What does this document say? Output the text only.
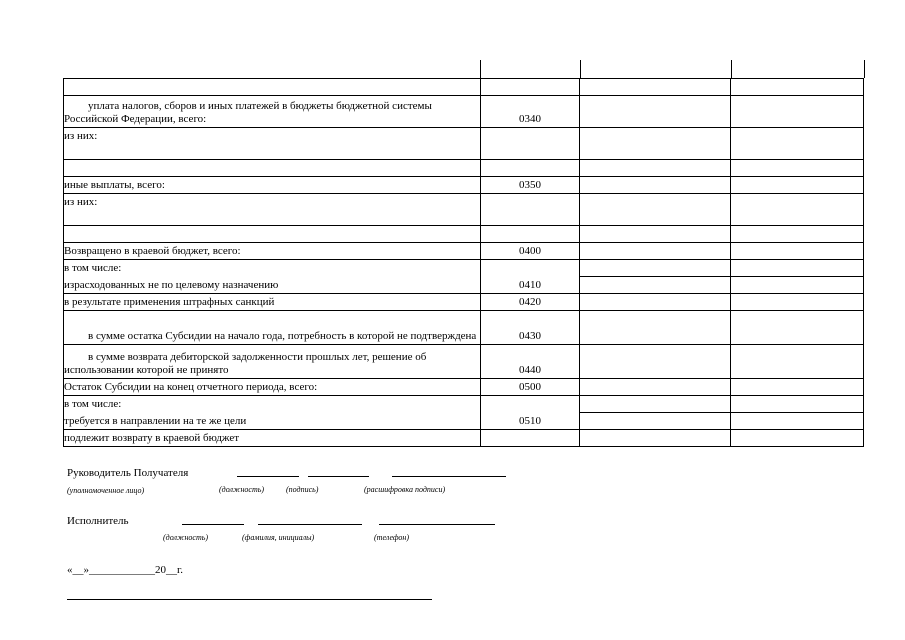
уплата налогов, сборов и иных платежей в бюджеты бюджетной системы Российской Федерации, всего:	0340		
из них:			

иные выплаты, всего:	0350		
из них:			

Возвращено в краевой бюджет, всего:	0400		
в том числе:			
израсходованных не по целевому назначению	0410		
в результате применения штрафных санкций	0420		
в сумме остатка Субсидии на начало года, потребность в которой не подтверждена	0430		
в сумме возврата дебиторской задолженности прошлых лет, решение об использовании которой не принято	0440		
Остаток Субсидии на конец отчетного периода, всего:	0500		
в том числе:			
требуется в направлении на те же цели	0510		
подлежит возврату в краевой бюджет			
Руководитель Получателя
(уполномоченное лицо)	(должность)	(подпись)	(расшифровка подписи)
Исполнитель
(должность)	(фамилия, инициалы)	(телефон)
«__»____________20__г.
